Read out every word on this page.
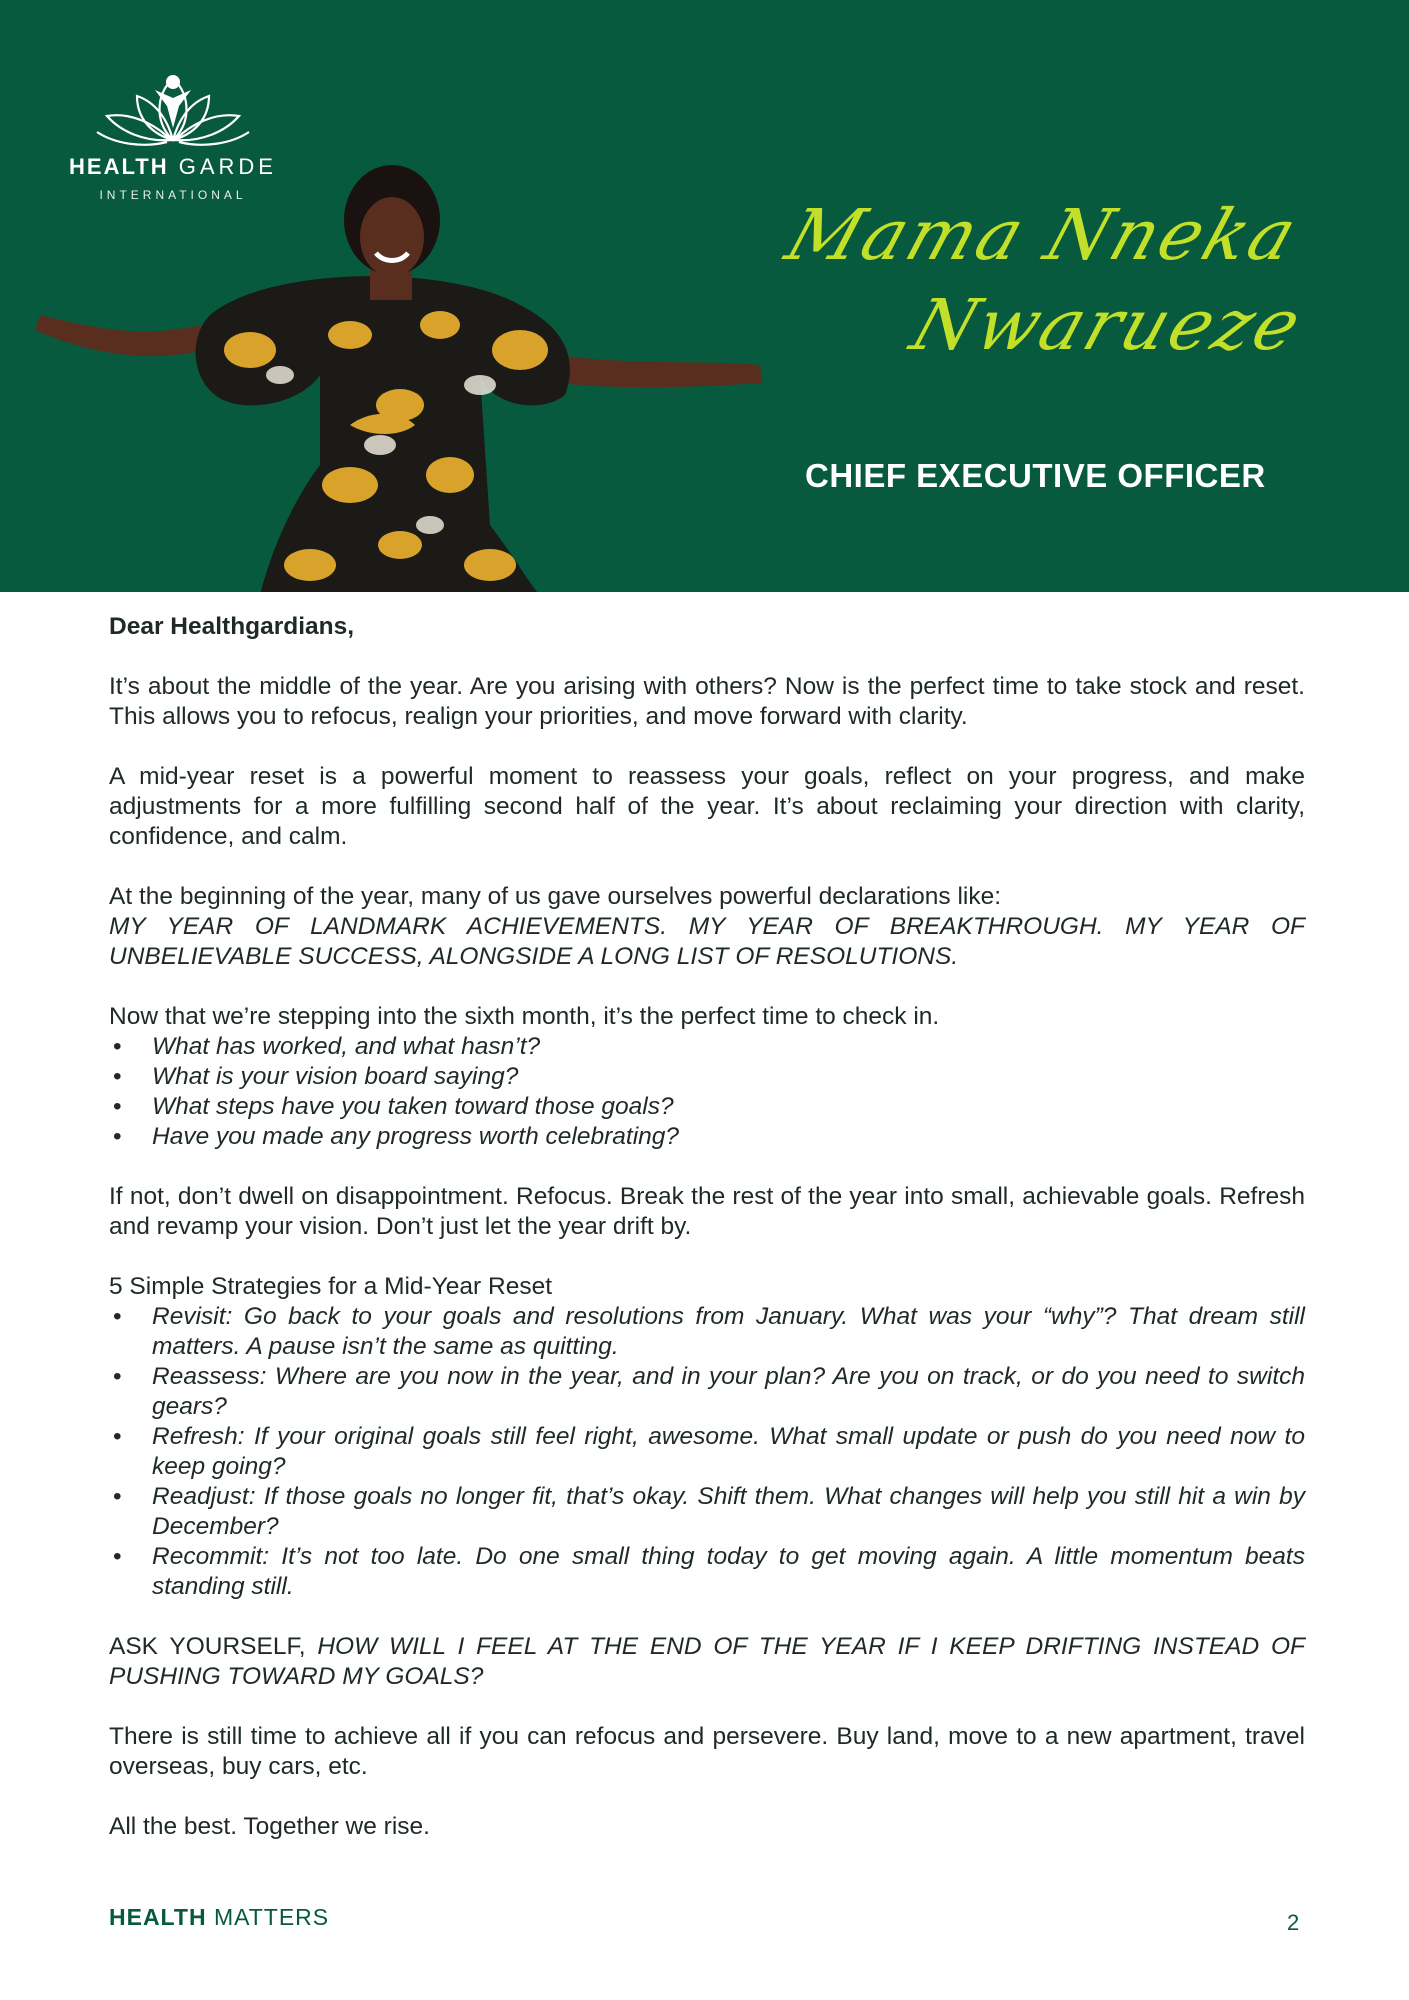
HEALTH GARDE
INTERNATIONAL	Mama Nneka
Nwarueze
CHIEF EXECUTIVE OFFICER

Dear Healthgardians,

It’s about the middle of the year. Are you arising with others? Now is the perfect time to take stock and reset. This allows you to refocus, realign your priorities, and move forward with clarity.

A mid-year reset is a powerful moment to reassess your goals, reflect on your progress, and make adjustments for a more fulfilling second half of the year. It’s about reclaiming your direction with clarity, confidence, and calm.

At the beginning of the year, many of us gave ourselves powerful declarations like:
MY YEAR OF LANDMARK ACHIEVEMENTS. MY YEAR OF BREAKTHROUGH. MY YEAR OF UNBELIEVABLE SUCCESS, ALONGSIDE A LONG LIST OF RESOLUTIONS.

Now that we’re stepping into the sixth month, it’s the perfect time to check in.

• What has worked, and what hasn’t?
• What is your vision board saying?
• What steps have you taken toward those goals?
• Have you made any progress worth celebrating?

If not, don’t dwell on disappointment. Refocus. Break the rest of the year into small, achievable goals. Refresh and revamp your vision. Don’t just let the year drift by.

5 Simple Strategies for a Mid-Year Reset

• Revisit: Go back to your goals and resolutions from January. What was your “why”? That dream still matters. A pause isn’t the same as quitting.
• Reassess: Where are you now in the year, and in your plan? Are you on track, or do you need to switch gears?
• Refresh: If your original goals still feel right, awesome. What small update or push do you need now to keep going?
• Readjust: If those goals no longer fit, that’s okay. Shift them. What changes will help you still hit a win by December?
• Recommit: It’s not too late. Do one small thing today to get moving again. A little momentum beats standing still.

ASK YOURSELF, HOW WILL I FEEL AT THE END OF THE YEAR IF I KEEP DRIFTING INSTEAD OF PUSHING TOWARD MY GOALS?

There is still time to achieve all if you can refocus and persevere. Buy land, move to a new apartment, travel overseas, buy cars, etc.

All the best. Together we rise.

HEALTH MATTERS	2
